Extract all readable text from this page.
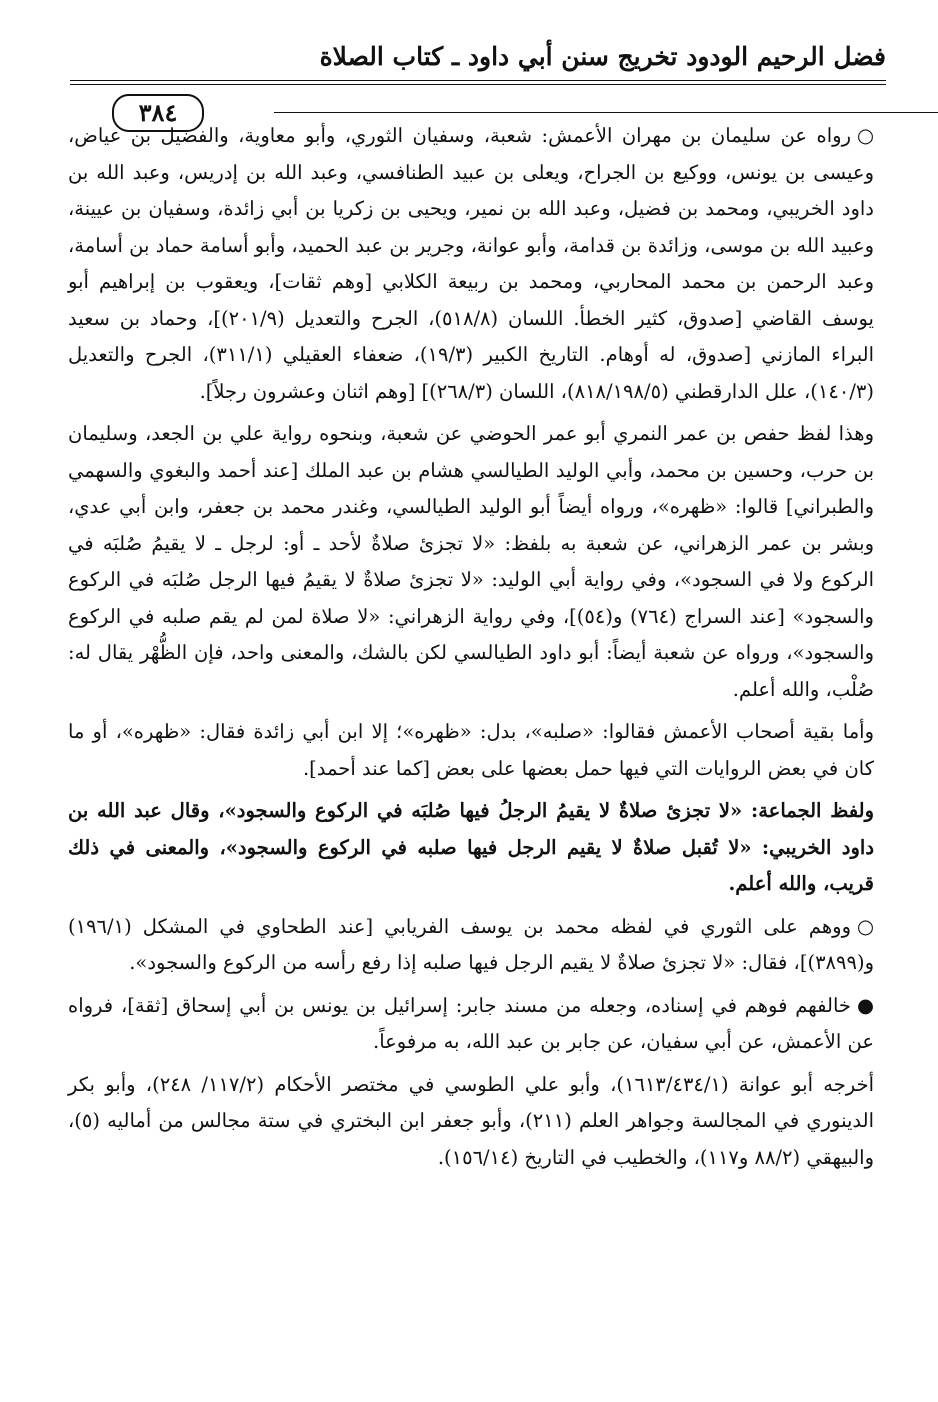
فضل الرحيم الودود تخريج سنن أبي داود ـ كتاب الصلاة
٣٨٤

○رواه عن سليمان بن مهران الأعمش: شعبة، وسفيان الثوري، وأبو معاوية، والفضيل بن عياض، وعيسى بن يونس، ووكيع بن الجراح، ويعلى بن عبيد الطنافسي، وعبد الله بن إدريس، وعبد الله بن داود الخريبي، ومحمد بن فضيل، وعبد الله بن نمير، ويحيى بن زكريا بن أبي زائدة، وسفيان بن عيينة، وعبيد الله بن موسى، وزائدة بن قدامة، وأبو عوانة، وجرير بن عبد الحميد، وأبو أسامة حماد بن أسامة، وعبد الرحمن بن محمد المحاربي، ومحمد بن ربيعة الكلابي [وهم ثقات]، ويعقوب بن إبراهيم أبو يوسف القاضي [صدوق، كثير الخطأ. اللسان (٥١٨/٨)، الجرح والتعديل (٢٠١/٩)]، وحماد بن سعيد البراء المازني [صدوق، له أوهام. التاريخ الكبير (١٩/٣)، ضعفاء العقيلي (٣١١/١)، الجرح والتعديل (١٤٠/٣)، علل الدارقطني (٨١٨/١٩٨/٥)، اللسان (٢٦٨/٣)] [وهم اثنان وعشرون رجلاً].

وهذا لفظ حفص بن عمر النمري أبو عمر الحوضي عن شعبة، وبنحوه رواية علي بن الجعد، وسليمان بن حرب، وحسين بن محمد، وأبي الوليد الطيالسي هشام بن عبد الملك [عند أحمد والبغوي والسهمي والطبراني] قالوا: «ظهره»، ورواه أيضاً أبو الوليد الطيالسي، وغندر محمد بن جعفر، وابن أبي عدي، وبشر بن عمر الزهراني، عن شعبة به بلفظ: «لا تجزئ صلاةٌ لأحد ـ أو: لرجل ـ لا يقيمُ صُلبَه في الركوع ولا في السجود»، وفي رواية أبي الوليد: «لا تجزئ صلاةٌ لا يقيمُ فيها الرجل صُلبَه في الركوع والسجود» [عند السراج (٧٦٤) و(٥٤)]، وفي رواية الزهراني: «لا صلاة لمن لم يقم صلبه في الركوع والسجود»، ورواه عن شعبة أيضاً: أبو داود الطيالسي لكن بالشك، والمعنى واحد، فإن الظُّهْر يقال له: صُلْب، والله أعلم.

وأما بقية أصحاب الأعمش فقالوا: «صلبه»، بدل: «ظهره»؛ إلا ابن أبي زائدة فقال: «ظهره»، أو ما كان في بعض الروايات التي فيها حمل بعضها على بعض [كما عند أحمد].

ولفظ الجماعة: «لا تجزئ صلاةٌ لا يقيمُ الرجلُ فيها صُلبَه في الركوع والسجود»، وقال عبد الله بن داود الخريبي: «لا تُقبل صلاةٌ لا يقيم الرجل فيها صلبه في الركوع والسجود»، والمعنى في ذلك قريب، والله أعلم.

○ووهم على الثوري في لفظه محمد بن يوسف الفريابي [عند الطحاوي في المشكل (١٩٦/١) و(٣٨٩٩)]، فقال: «لا تجزئ صلاةٌ لا يقيم الرجل فيها صلبه إذا رفع رأسه من الركوع والسجود».

●خالفهم فوهم في إسناده، وجعله من مسند جابر: إسرائيل بن يونس بن أبي إسحاق [ثقة]، فرواه عن الأعمش، عن أبي سفيان، عن جابر بن عبد الله، به مرفوعاً.

أخرجه أبو عوانة (١٦١٣/٤٣٤/١)، وأبو علي الطوسي في مختصر الأحكام (١١٧/٢/ ٢٤٨)، وأبو بكر الدينوري في المجالسة وجواهر العلم (٢١١)، وأبو جعفر ابن البختري في ستة مجالس من أماليه (٥)، والبيهقي (٨٨/٢ و١١٧)، والخطيب في التاريخ (١٥٦/١٤).
